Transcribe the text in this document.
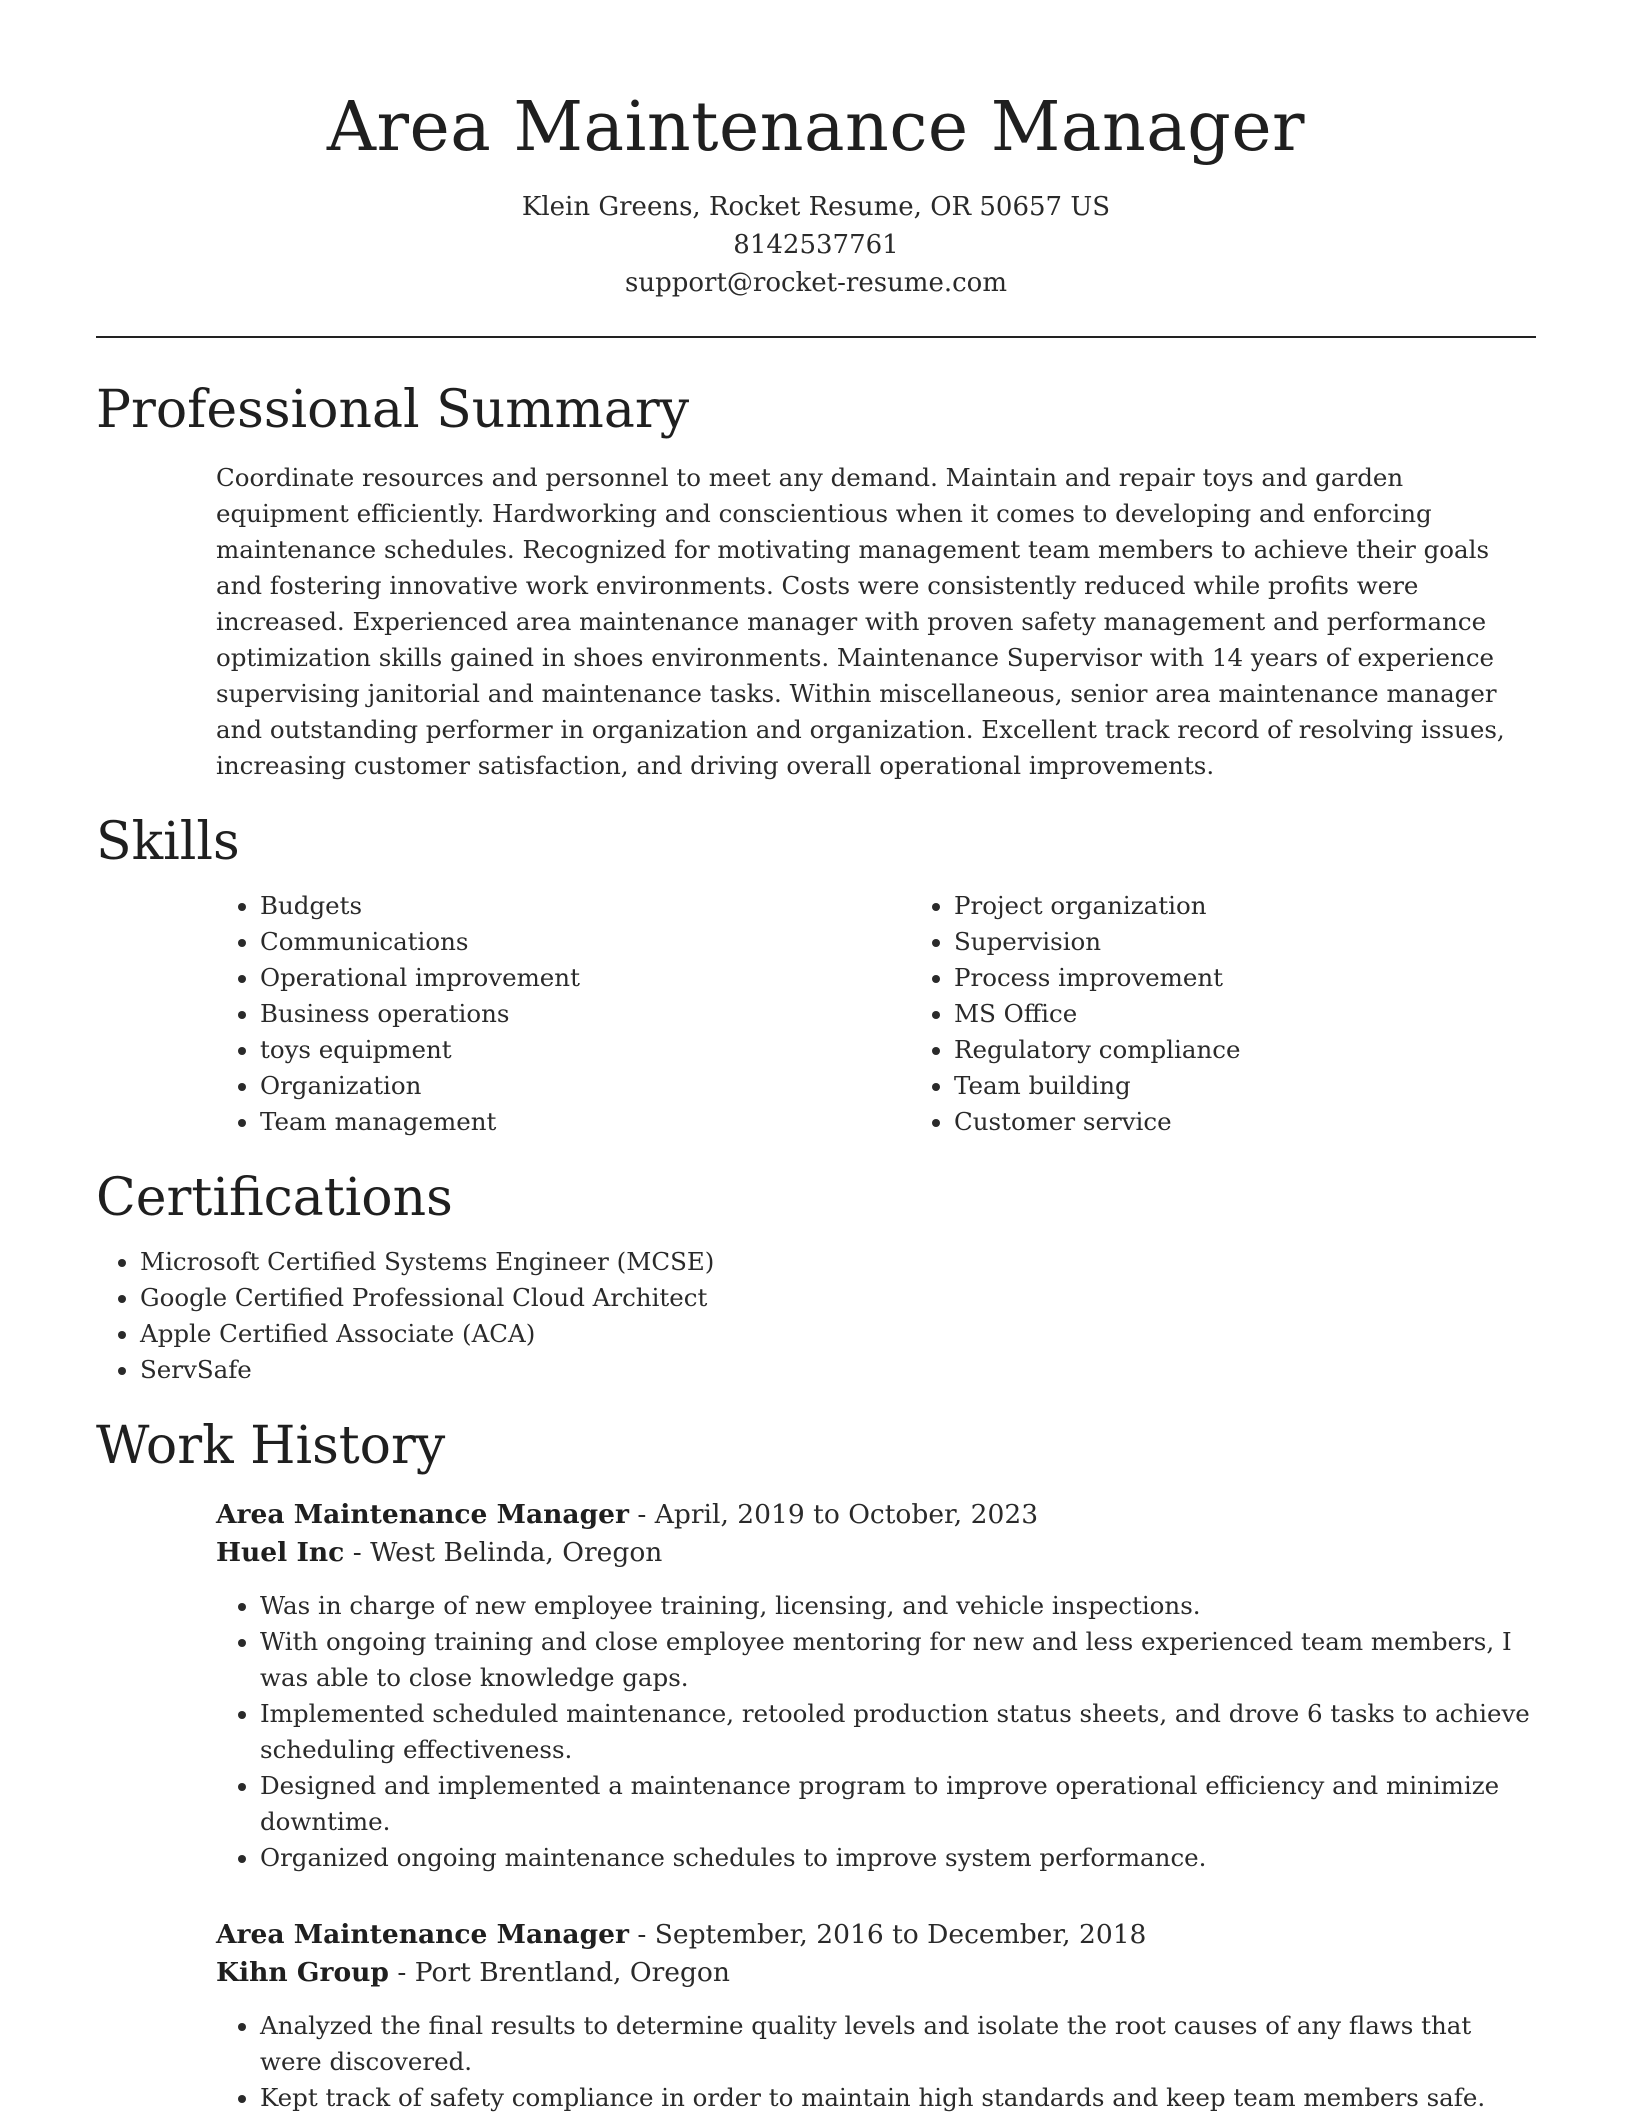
Area Maintenance Manager
Klein Greens, Rocket Resume, OR 50657 US
8142537761
support@rocket-resume.com
Professional Summary
Coordinate resources and personnel to meet any demand. Maintain and repair toys and garden equipment efficiently. Hardworking and conscientious when it comes to developing and enforcing maintenance schedules. Recognized for motivating management team members to achieve their goals and fostering innovative work environments. Costs were consistently reduced while profits were increased. Experienced area maintenance manager with proven safety management and performance optimization skills gained in shoes environments. Maintenance Supervisor with 14 years of experience supervising janitorial and maintenance tasks. Within miscellaneous, senior area maintenance manager and outstanding performer in organization and organization. Excellent track record of resolving issues, increasing customer satisfaction, and driving overall operational improvements.
Skills
• Budgets
• Communications
• Operational improvement
• Business operations
• toys equipment
• Organization
• Team management
• Project organization
• Supervision
• Process improvement
• MS Office
• Regulatory compliance
• Team building
• Customer service
Certifications
• Microsoft Certified Systems Engineer (MCSE)
• Google Certified Professional Cloud Architect
• Apple Certified Associate (ACA)
• ServSafe
Work History
Area Maintenance Manager - April, 2019 to October, 2023
Huel Inc - West Belinda, Oregon
• Was in charge of new employee training, licensing, and vehicle inspections.
• With ongoing training and close employee mentoring for new and less experienced team members, I was able to close knowledge gaps.
• Implemented scheduled maintenance, retooled production status sheets, and drove 6 tasks to achieve scheduling effectiveness.
• Designed and implemented a maintenance program to improve operational efficiency and minimize downtime.
• Organized ongoing maintenance schedules to improve system performance.
Area Maintenance Manager - September, 2016 to December, 2018
Kihn Group - Port Brentland, Oregon
• Analyzed the final results to determine quality levels and isolate the root causes of any flaws that were discovered.
• Kept track of safety compliance in order to maintain high standards and keep team members safe.
